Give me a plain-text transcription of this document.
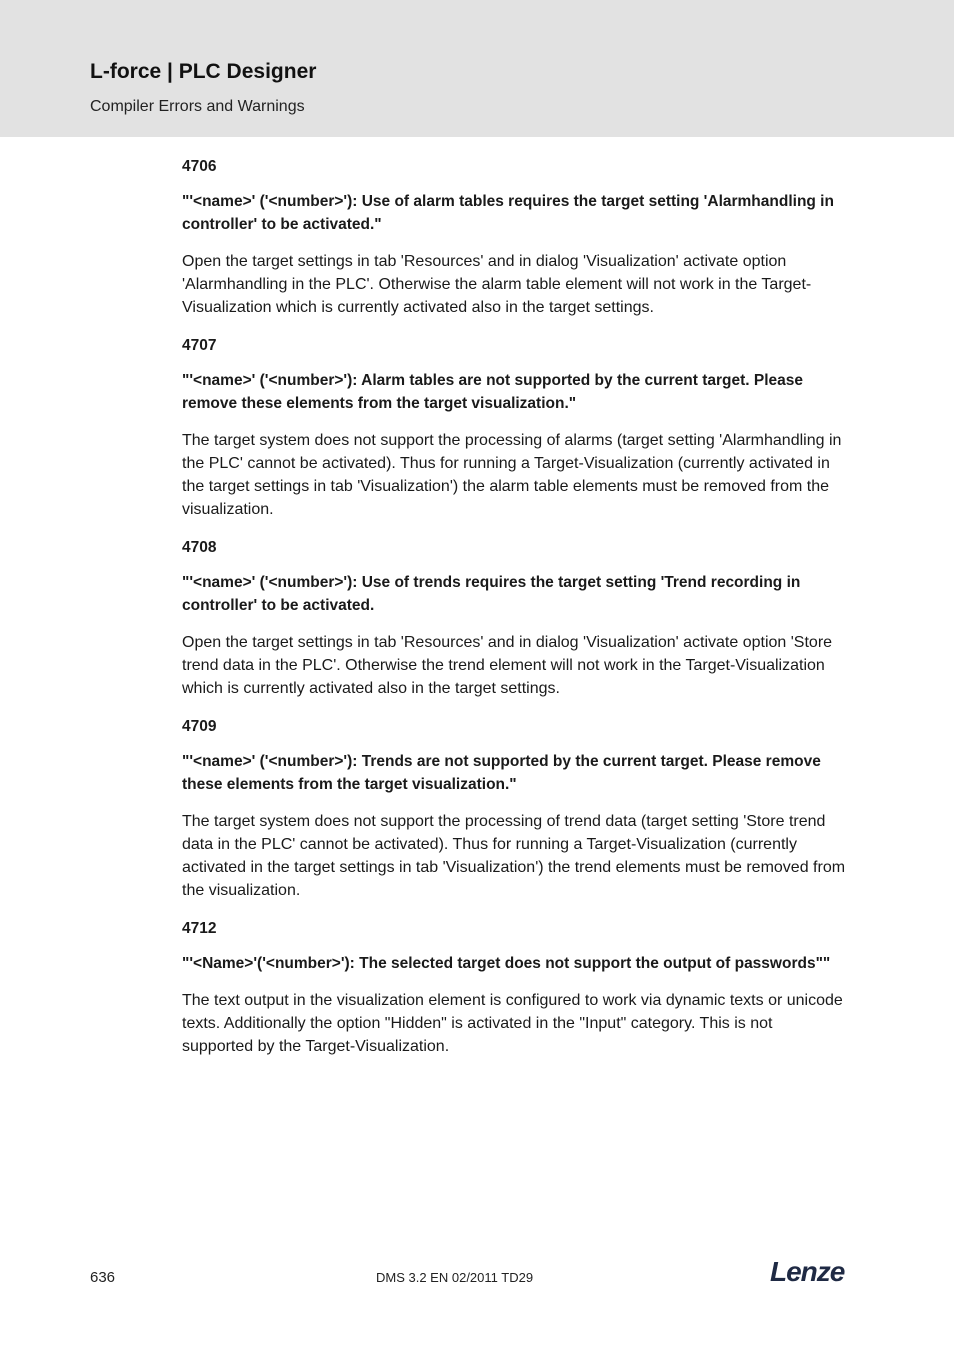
L-force | PLC Designer
Compiler Errors and Warnings
4706
"'<name>' ('<number>'): Use of alarm tables requires the target setting 'Alarmhandling in controller' to be activated."
Open the target settings in tab 'Resources' and in dialog 'Visualization' activate option 'Alarmhandling in the PLC'. Otherwise the alarm table element will not work in the Target-Visualization which is currently activated also in the target settings.
4707
"'<name>' ('<number>'): Alarm tables are not supported by the current target. Please remove these elements from the target visualization."
The target system does not support the processing of alarms (target setting 'Alarmhandling in the PLC' cannot be activated). Thus for running a Target-Visualization (currently activated in the target settings in tab 'Visualization') the alarm table elements must be removed from the visualization.
4708
"'<name>' ('<number>'): Use of trends requires the target setting 'Trend recording in controller' to be activated.
Open the target settings in tab 'Resources' and in dialog 'Visualization' activate option 'Store trend data in the PLC'. Otherwise the trend element will not work in the Target-Visualization which is currently activated also in the target settings.
4709
"'<name>' ('<number>'): Trends are not supported by the current target. Please remove these elements from the target visualization."
The target system does not support the processing of trend data (target setting 'Store trend data in the PLC' cannot be activated). Thus for running a Target-Visualization (currently activated in the target settings in tab 'Visualization') the trend elements must be removed from the visualization.
4712
"'<Name>'('<number>'): The selected target does not support the output of passwords""
The text output in the visualization element is configured to work via dynamic texts or unicode texts. Additionally the option "Hidden" is activated in the "Input" category. This is not supported by the Target-Visualization.
636	DMS 3.2 EN 02/2011 TD29	Lenze
